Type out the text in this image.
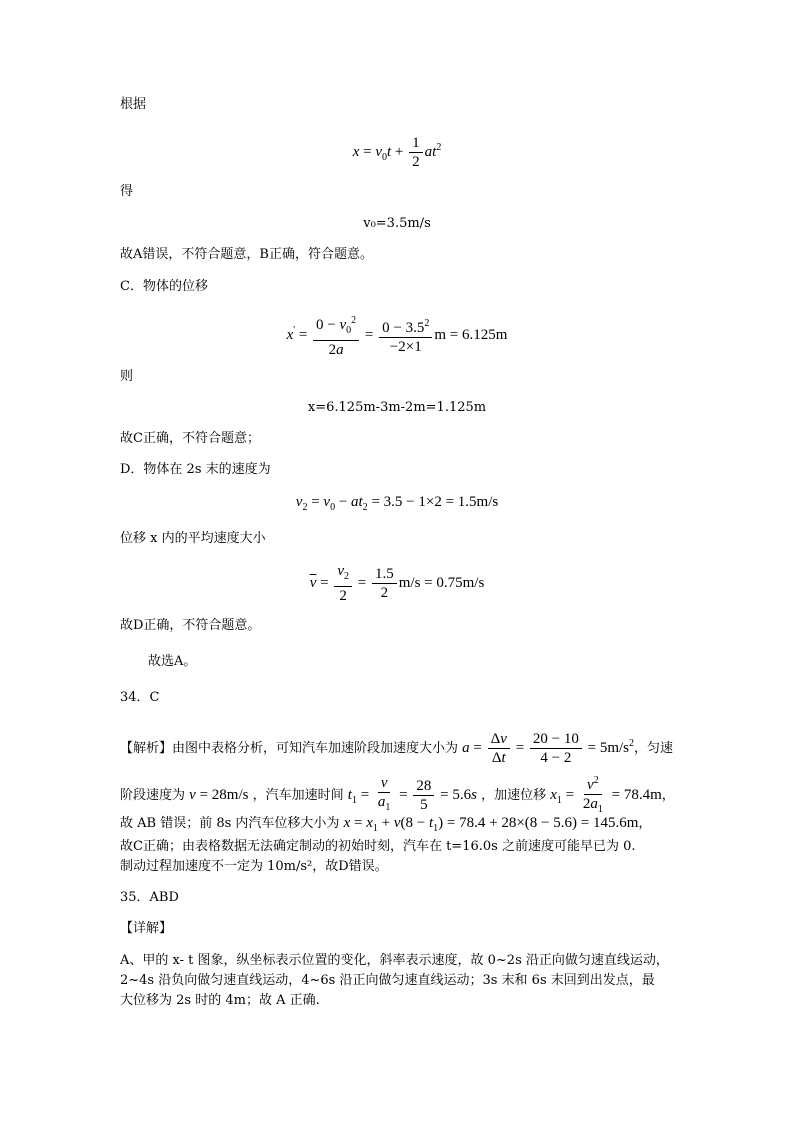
根据
$x = v_0t + \frac{1}{2} at^2$
得
v₀=3.5m/s
故A错误，不符合题意，B正确，符合题意。
C．物体的位移
$x' = \frac{0 - v_0^2}{2a} = \frac{0 - 3.5^2}{-2\times 1}$ m = 6.125m
则
x=6.125m-3m-2m=1.125m
故C正确，不符合题意；
D．物体在 2s 末的速度为
$v_2 = v_0 - at_2 = 3.5 - 1\times 2 = 1.5m/s$
位移 x 内的平均速度大小
$\overline{v} = \frac{v_2}{2} = \frac{1.5}{2} m/s = 0.75m/s$
故D正确，不符合题意。
故选A。
34．C
【解析】由图中表格分析，可知汽车加速阶段加速度大小为 $a = \frac{\Delta v}{\Delta t} = \frac{20 - 10}{4 - 2} = 5m/s^2$，匀速
阶段速度为 v = 28m/s ，汽车加速时间 $t_1 = \frac{v}{a_1} = \frac{28}{5} = 5.6s$ ，加速位移 $x_1 = \frac{v^2}{2a_1} = 78.4m$，
故 AB 错误；前 8s 内汽车位移大小为 $x = x_1 + v(8 - t_1) = 78.4 + 28\times(8 - 5.6) = 145.6m$，
故C正确；由表格数据无法确定制动的初始时刻，汽车在 t=16.0s 之前速度可能早已为 0.
制动过程加速度不一定为 10m/s²，故D错误。
35．ABD
【详解】
A、甲的 x- t 图象，纵坐标表示位置的变化，斜率表示速度，故 0~2s 沿正向做匀速直线运动，
2~4s 沿负向做匀速直线运动，4~6s 沿正向做匀速直线运动；3s 末和 6s 末回到出发点，最
大位移为 2s 时的 4m；故 A 正确.
